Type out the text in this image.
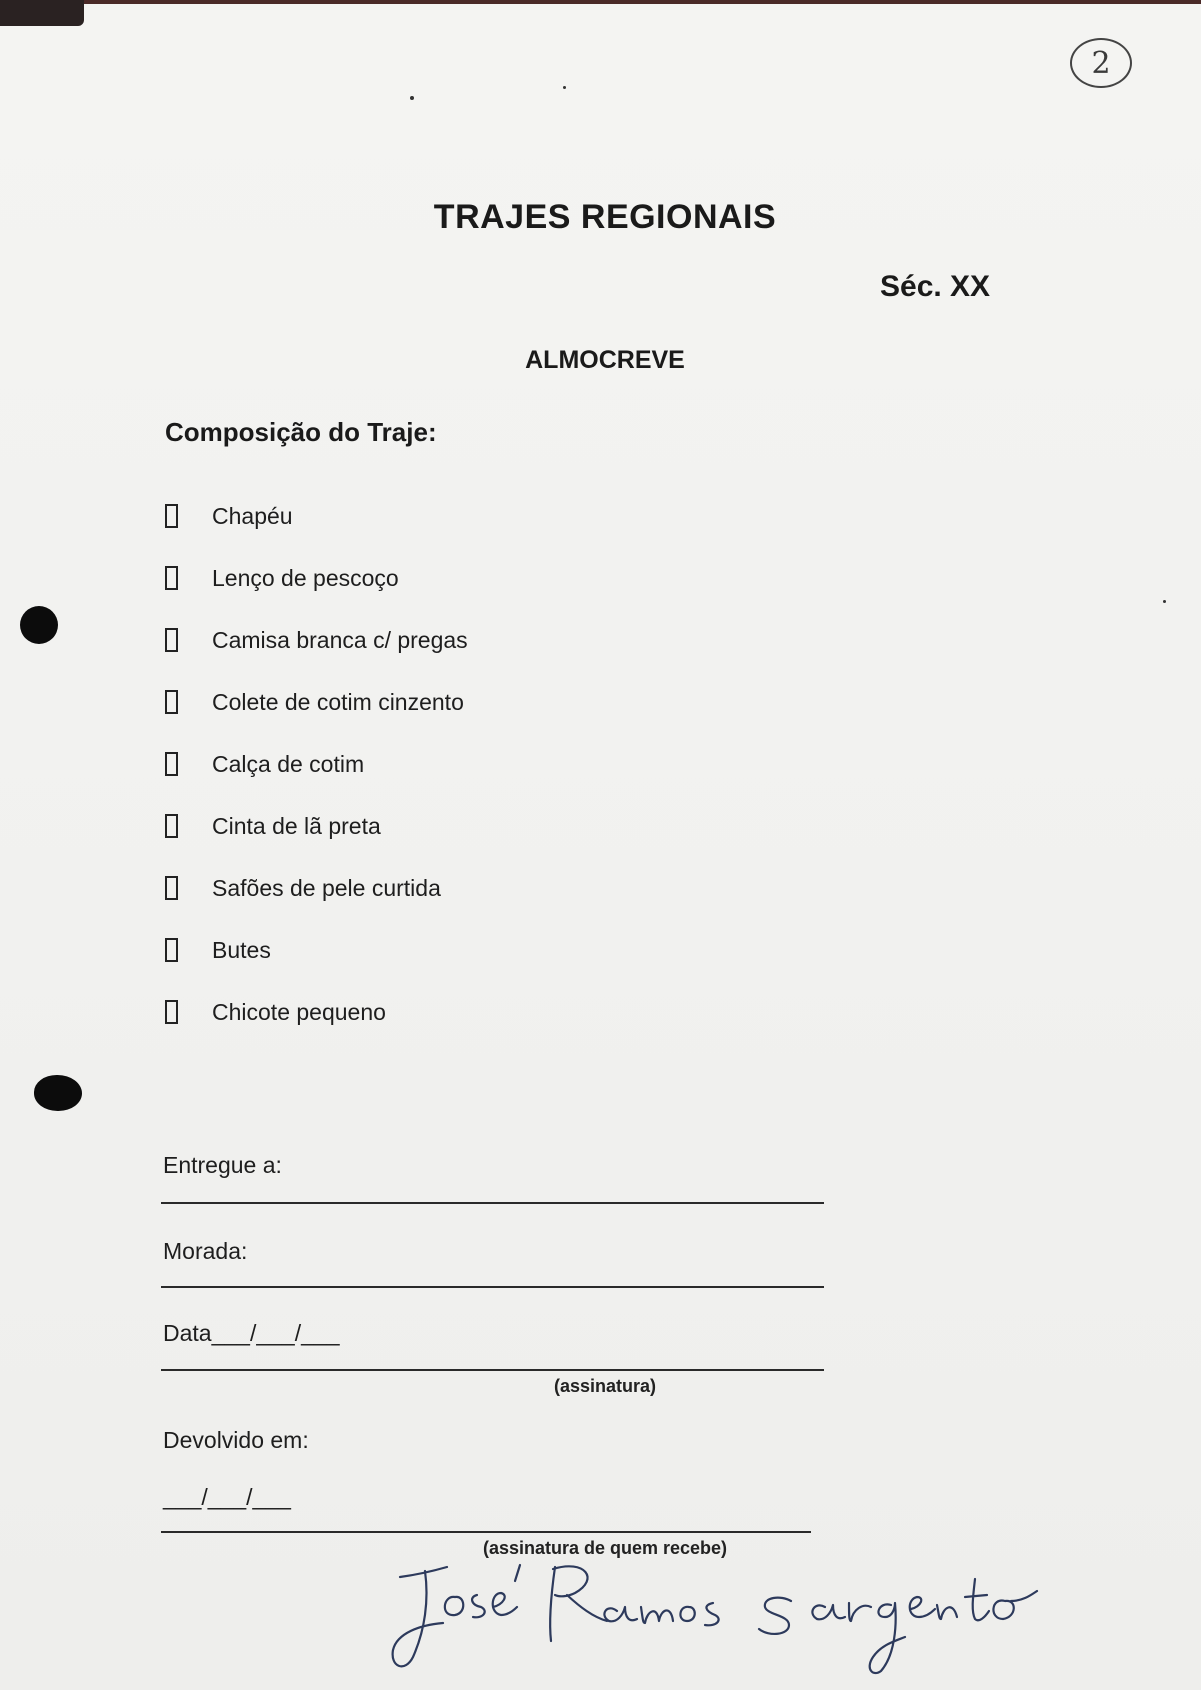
2
TRAJES REGIONAIS

Séc. XX

ALMOCREVE
Composição do Traje:
Chapéu
Lenço de pescoço
Camisa branca c/ pregas
Colete de cotim cinzento
Calça de cotim
Cinta de lã preta
Safões de pele curtida
Butes
Chicote pequeno

Entregue a:

Morada:

Data___/___/___

(assinatura)

Devolvido em:

___/___/___

(assinatura de quem recebe)
